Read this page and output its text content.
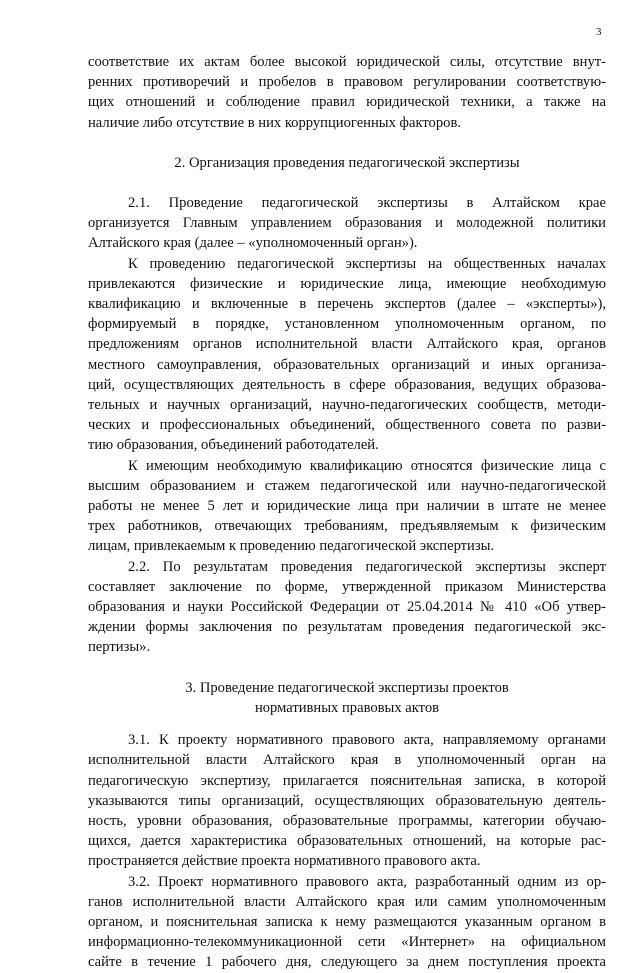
3
соответствие их актам более высокой юридической силы, отсутствие внут-
ренних противоречий и пробелов в правовом регулировании соответствую-
щих отношений и соблюдение правил юридической техники, а также на
наличие либо отсутствие в них коррупциогенных факторов.
2. Организация проведения педагогической экспертизы
2.1. Проведение педагогической экспертизы в Алтайском крае
организуется Главным управлением образования и молодежной политики
Алтайского края (далее – «уполномоченный орган»).
К проведению педагогической экспертизы на общественных началах
привлекаются физические и юридические лица, имеющие необходимую
квалификацию и включенные в перечень экспертов (далее – «эксперты»),
формируемый в порядке, установленном уполномоченным органом, по
предложениям органов исполнительной власти Алтайского края, органов
местного самоуправления, образовательных организаций и иных организа-
ций, осуществляющих деятельность в сфере образования, ведущих образова-
тельных и научных организаций, научно-педагогических сообществ, методи-
ческих и профессиональных объединений, общественного совета по разви-
тию образования, объединений работодателей.
К имеющим необходимую квалификацию относятся физические лица с
высшим образованием и стажем педагогической или научно-педагогической
работы не менее 5 лет и юридические лица при наличии в штате не менее
трех работников, отвечающих требованиям, предъявляемым к физическим
лицам, привлекаемым к проведению педагогической экспертизы.
2.2. По результатам проведения педагогической экспертизы эксперт
составляет заключение по форме, утвержденной приказом Министерства
образования и науки Российской Федерации от 25.04.2014 № 410 «Об утвер-
ждении формы заключения по результатам проведения педагогической экс-
пертизы».
3. Проведение педагогической экспертизы проектов
нормативных правовых актов
3.1. К проекту нормативного правового акта, направляемому органами
исполнительной власти Алтайского края в уполномоченный орган на
педагогическую экспертизу, прилагается пояснительная записка, в которой
указываются типы организаций, осуществляющих образовательную деятель-
ность, уровни образования, образовательные программы, категории обучаю-
щихся, дается характеристика образовательных отношений, на которые рас-
пространяется действие проекта нормативного правового акта.
3.2. Проект нормативного правового акта, разработанный одним из ор-
ганов исполнительной власти Алтайского края или самим уполномоченным
органом, и пояснительная записка к нему размещаются указанным органом в
информационно-телекоммуникационной сети «Интернет» на официальном
сайте в течение 1 рабочего дня, следующего за днем поступления проекта
